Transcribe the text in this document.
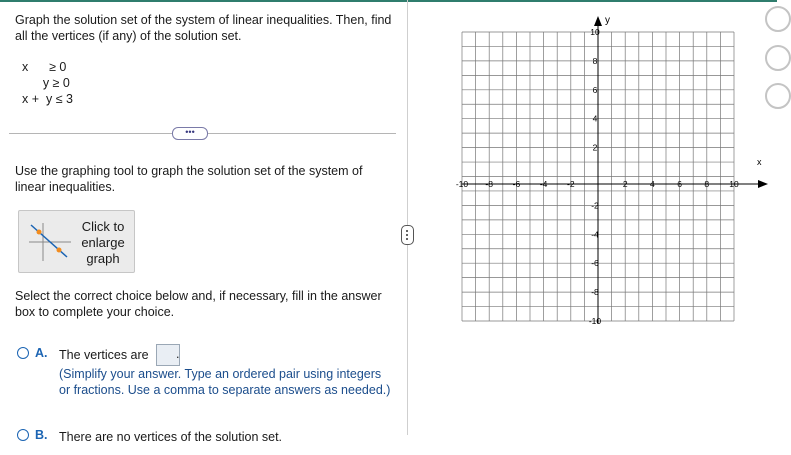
Graph the solution set of the system of linear inequalities. Then, find all the vertices (if any) of the solution set.

x      ≥ 0
y ≥ 0
x +  y ≤ 3
•••

Use the graphing tool to graph the solution set of the system of linear inequalities.

Click to enlarge graph

Select the correct choice below and, if necessary, fill in the answer box to complete your choice.

A. The vertices are .

(Simplify your answer. Type an ordered pair using integers or fractions. Use a comma to separate answers as needed.)

B. There are no vertices of the solution set.
x
y
-10 -8 -6 -4 -2	2	4	6	8 10
10
8
6
4
2
-2
-4
-6
-8
-10
